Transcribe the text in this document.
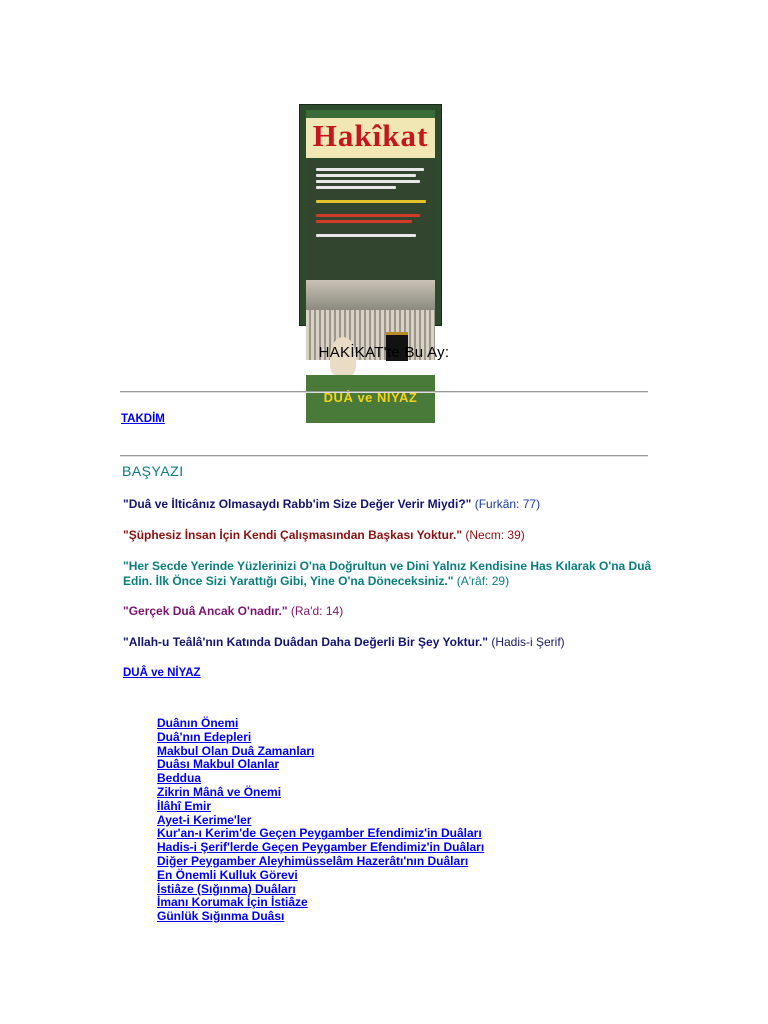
Hakîkat
DUÂ ve NİYAZ
HAKİKAT'te Bu Ay:
TAKDİM
BAŞYAZI
"Duâ ve İlticânız Olmasaydı Rabb'im Size Değer Verir Miydi?" (Furkân: 77)
"Şüphesiz İnsan İçin Kendi Çalışmasından Başkası Yoktur." (Necm: 39)
"Her Secde Yerinde Yüzlerinizi O'na Doğrultun ve Dini Yalnız Kendisine Has Kılarak O'na Duâ Edin. İlk Önce Sizi Yarattığı Gibi, Yine O'na Döneceksiniz." (A'râf: 29)
"Gerçek Duâ Ancak O'nadır." (Ra'd: 14)
"Allah-u Teâlâ'nın Katında Duâdan Daha Değerli Bir Şey Yoktur." (Hadis-i Şerif)
DUÂ ve NİYAZ
Duânın Önemi
Duâ'nın Edepleri
Makbul Olan Duâ Zamanları
Duâsı Makbul Olanlar
Beddua
Zikrin Mânâ ve Önemi
İlâhî Emir
Ayet-i Kerime'ler
Kur'an-ı Kerim'de Geçen Peygamber Efendimiz'in Duâları
Hadis-i Şerif'lerde Geçen Peygamber Efendimiz'in Duâları
Diğer Peygamber Aleyhimüsselâm Hazerâtı'nın Duâları
En Önemli Kulluk Görevi
İstiâze (Sığınma) Duâları
İmanı Korumak İçin İstiâze
Günlük Sığınma Duâsı
